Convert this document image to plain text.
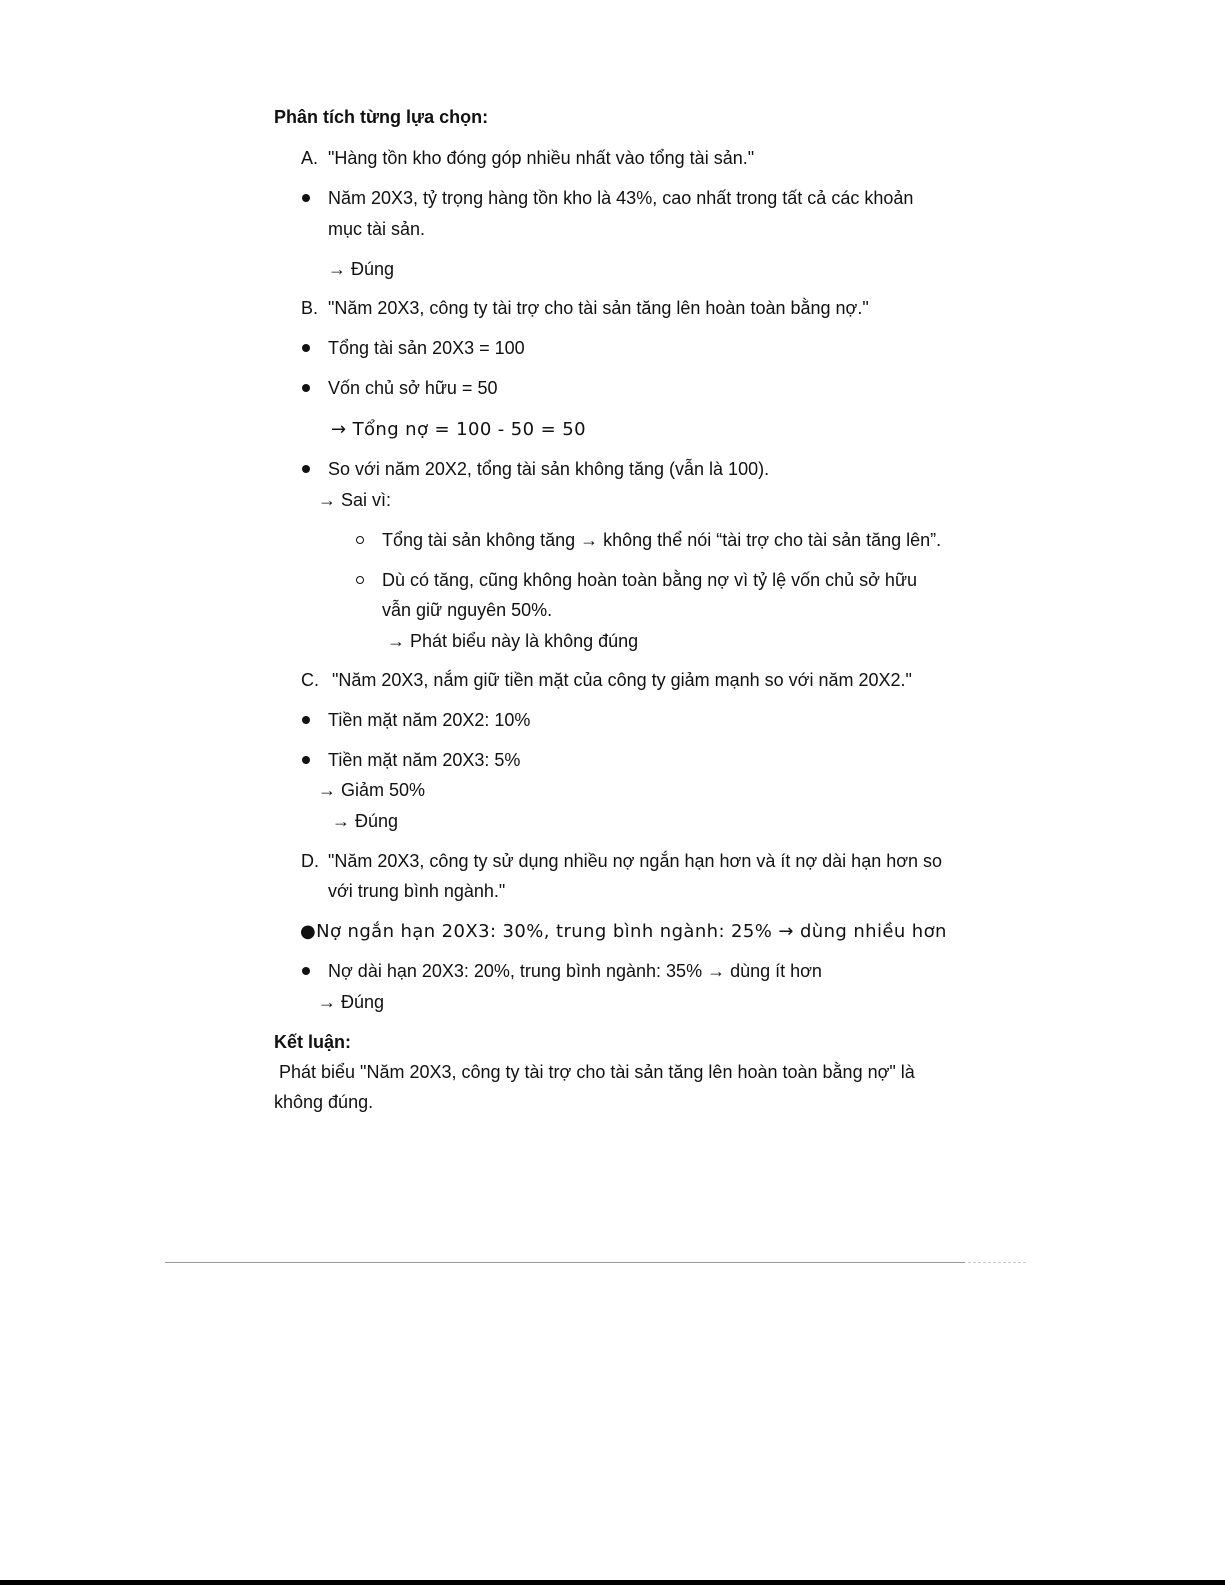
Phân tích từng lựa chọn:
A. "Hàng tồn kho đóng góp nhiều nhất vào tổng tài sản."
Năm 20X3, tỷ trọng hàng tồn kho là 43%, cao nhất trong tất cả các khoản
mục tài sản.
→ Đúng
B. "Năm 20X3, công ty tài trợ cho tài sản tăng lên hoàn toàn bằng nợ."
Tổng tài sản 20X3 = 100
Vốn chủ sở hữu = 50
→ Tổng nợ = 100 - 50 = 50
So với năm 20X2, tổng tài sản không tăng (vẫn là 100).
→ Sai vì:
Tổng tài sản không tăng → không thể nói “tài trợ cho tài sản tăng lên”.
Dù có tăng, cũng không hoàn toàn bằng nợ vì tỷ lệ vốn chủ sở hữu
vẫn giữ nguyên 50%.
→ Phát biểu này là không đúng
C. "Năm 20X3, nắm giữ tiền mặt của công ty giảm mạnh so với năm 20X2."
Tiền mặt năm 20X2: 10%
Tiền mặt năm 20X3: 5%
→ Giảm 50%
→ Đúng
D. "Năm 20X3, công ty sử dụng nhiều nợ ngắn hạn hơn và ít nợ dài hạn hơn so
với trung bình ngành."
●Nợ ngắn hạn 20X3: 30%, trung bình ngành: 25% → dùng nhiều hơn
Nợ dài hạn 20X3: 20%, trung bình ngành: 35% → dùng ít hơn
→ Đúng
Kết luận:
Phát biểu "Năm 20X3, công ty tài trợ cho tài sản tăng lên hoàn toàn bằng nợ" là
không đúng.
